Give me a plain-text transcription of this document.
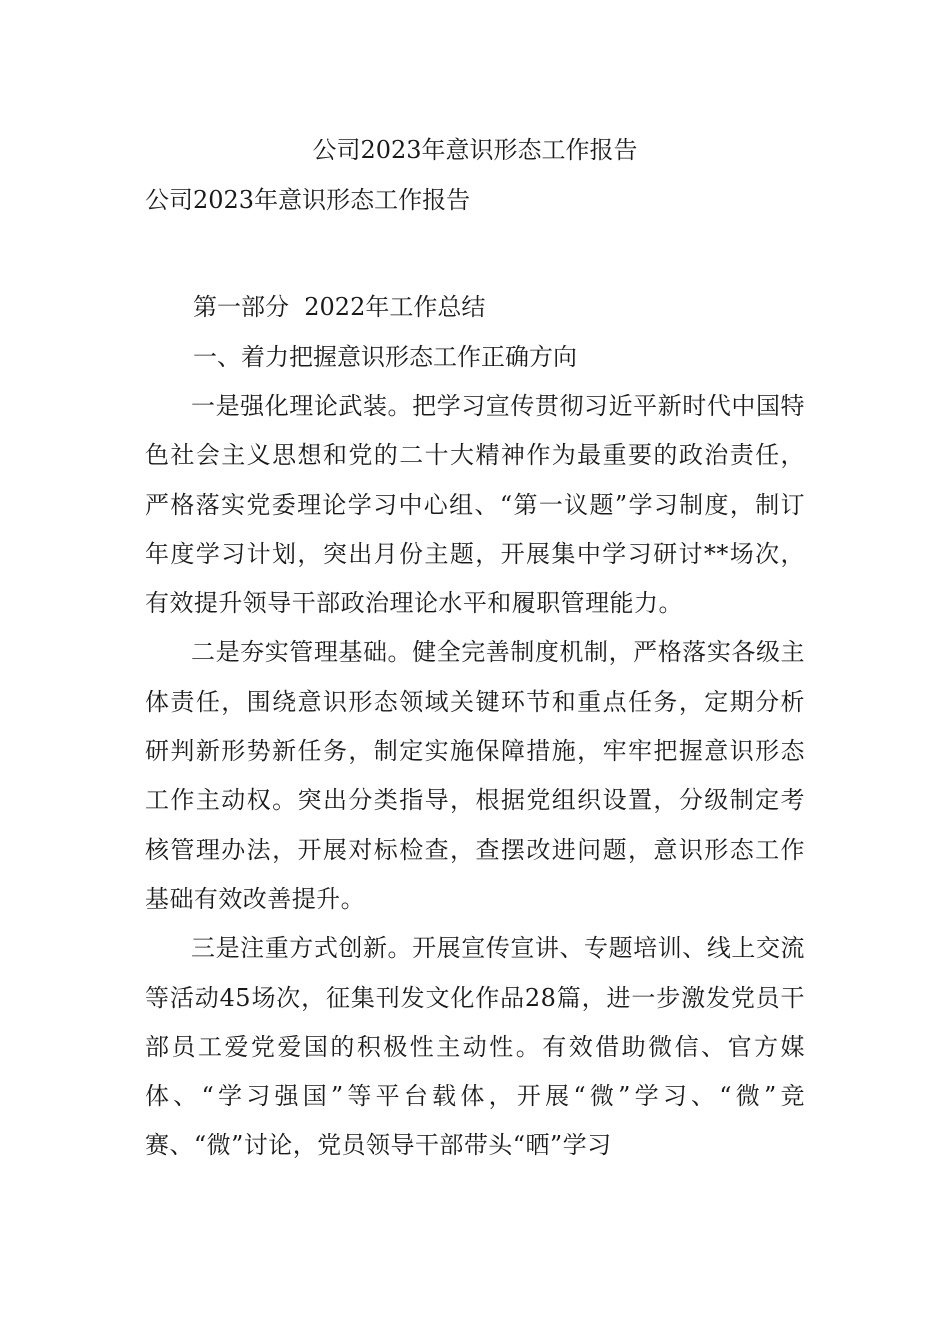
公司2023年意识形态工作报告
公司2023年意识形态工作报告
第一部分  2022年工作总结
一、着力把握意识形态工作正确方向

一是强化理论武装。把学习宣传贯彻习近平新时代中国特色社会主义思想和党的二十大精神作为最重要的政治责任，严格落实党委理论学习中心组、“第一议题”学习制度，制订年度学习计划，突出月份主题，开展集中学习研讨**场次，有效提升领导干部政治理论水平和履职管理能力。

二是夯实管理基础。健全完善制度机制，严格落实各级主体责任，围绕意识形态领域关键环节和重点任务，定期分析研判新形势新任务，制定实施保障措施，牢牢把握意识形态工作主动权。突出分类指导，根据党组织设置，分级制定考核管理办法，开展对标检查，查摆改进问题，意识形态工作基础有效改善提升。

三是注重方式创新。开展宣传宣讲、专题培训、线上交流等活动45场次，征集刊发文化作品28篇，进一步激发党员干部员工爱党爱国的积极性主动性。有效借助微信、官方媒体、“学习强国”等平台载体，开展“微”学习、“微”竞赛、“微”讨论，党员领导干部带头“晒”学习
